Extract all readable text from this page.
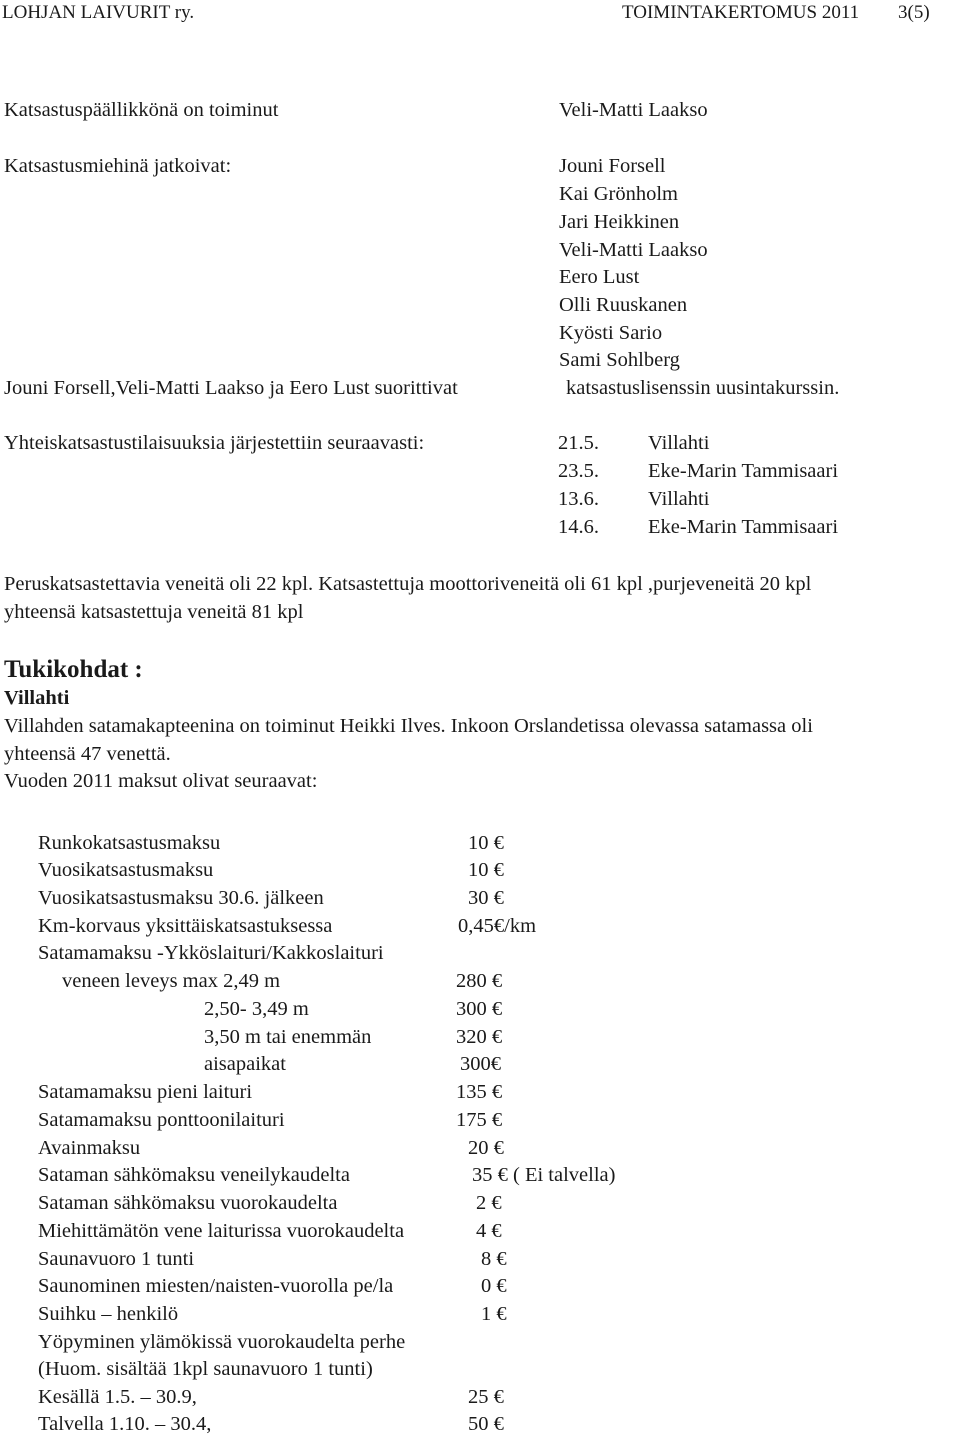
LOHJAN LAIVURIT ry.	TOIMINTAKERTOMUS 2011 3(5)
Katsastuspäällikkönä on toiminut	Veli-Matti Laakso
Katsastusmiehinä jatkoivat:	Jouni Forsell
Kai Grönholm
Jari Heikkinen
Veli-Matti Laakso
Eero Lust
Olli Ruuskanen
Kyösti Sario
Sami Sohlberg
Jouni Forsell,Veli-Matti Laakso ja Eero Lust suorittivat	katsastuslisenssin uusintakurssin.
Yhteiskatsastustilaisuuksia järjestettiin seuraavasti:	21.5. Villahti
23.5. Eke-Marin Tammisaari
13.6. Villahti
14.6. Eke-Marin Tammisaari
Peruskatsastettavia veneitä oli 22 kpl. Katsastettuja moottoriveneitä oli 61 kpl ,purjeveneitä 20 kpl
yhteensä katsastettuja veneitä 81 kpl
Tukikohdat :
Villahti
Villahden satamakapteenina on toiminut Heikki Ilves. Inkoon Orslandetissa olevassa satamassa oli
yhteensä 47 venettä.
Vuoden 2011 maksut olivat seuraavat:
Runkokatsastusmaksu	10 €
Vuosikatsastusmaksu	10 €
Vuosikatsastusmaksu 30.6. jälkeen	30 €
Km-korvaus yksittäiskatsastuksessa	0,45€/km
Satamamaksu -Ykköslaituri/Kakkoslaituri
veneen leveys max 2,49 m	280 €
2,50- 3,49 m	300 €
3,50 m tai enemmän	320 €
aisapaikat	300€
Satamamaksu pieni laituri	135 €
Satamamaksu ponttoonilaituri	175 €
Avainmaksu	20 €
Sataman sähkömaksu veneilykaudelta	35 € ( Ei talvella)
Sataman sähkömaksu vuorokaudelta	2 €
Miehittämätön vene laiturissa vuorokaudelta	4 €
Saunavuoro 1 tunti	8 €
Saunominen miesten/naisten-vuorolla pe/la	0 €
Suihku – henkilö	1 €
Yöpyminen ylämökissä vuorokaudelta perhe
(Huom. sisältää 1kpl saunavuoro 1 tunti)
Kesällä 1.5. – 30.9,	25 €
Talvella 1.10. – 30.4,	50 €
